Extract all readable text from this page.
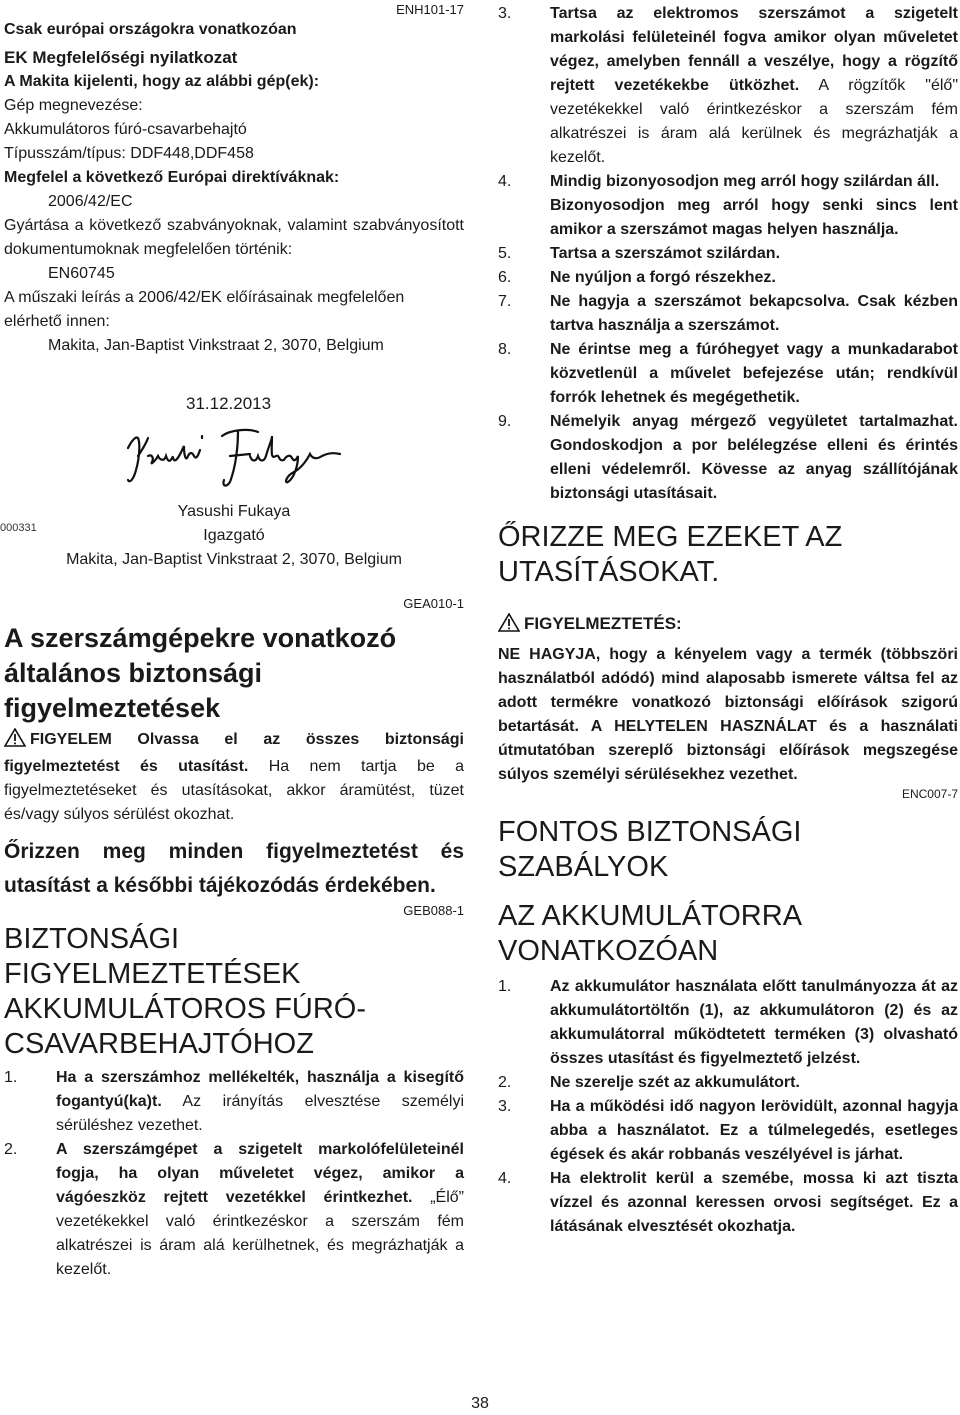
ENH101-17
Csak európai országokra vonatkozóan
EK Megfelelőségi nyilatkozat
A Makita kijelenti, hogy az alábbi gép(ek):
Gép megnevezése:
Akkumulátoros fúró-csavarbehajtó
Típusszám/típus: DDF448,DDF458
Megfelel a következő Európai direktíváknak:
2006/42/EC
Gyártása a következő szabványoknak, valamint szabványosított dokumentumoknak megfelelően történik:
EN60745
A műszaki leírás a 2006/42/EK előírásainak megfelelően elérhető innen:
Makita, Jan-Baptist Vinkstraat 2, 3070, Belgium
31.12.2013
Yasushi Fukaya
Igazgató
Makita, Jan-Baptist Vinkstraat 2, 3070, Belgium
GEA010-1
A szerszámgépekre vonatkozó általános biztonsági figyelmeztetések
FIGYELEM Olvassa el az összes biztonsági figyelmeztetést és utasítást. Ha nem tartja be a figyelmeztetéseket és utasításokat, akkor áramütést, tüzet és/vagy súlyos sérülést okozhat.
Őrizzen meg minden figyelmeztetést és utasítást a későbbi tájékozódás érdekében.
GEB088-1
BIZTONSÁGI FIGYELMEZTETÉSEK AKKUMULÁTOROS FÚRÓ-CSAVARBEHAJTÓHOZ
1.	Ha a szerszámhoz mellékelték, használja a kisegítő fogantyú(ka)t. Az irányítás elvesztése személyi sérüléshez vezethet.
2.	A szerszámgépet a szigetelt markolófelületeinél fogja, ha olyan műveletet végez, amikor a vágóeszköz rejtett vezetékkel érintkezhet. „Élő” vezetékekkel való érintkezéskor a szerszám fém alkatrészei is áram alá kerülhetnek, és megrázhatják a kezelőt.
000331
3.	Tartsa az elektromos szerszámot a szigetelt markolási felületeinél fogva amikor olyan műveletet végez, amelyben fennáll a veszélye, hogy a rögzítő rejtett vezetékekbe ütközhet. A rögzítők "élő" vezetékekkel való érintkezéskor a szerszám fém alkatrészei is áram alá kerülnek és megrázhatják a kezelőt.
4.	Mindig bizonyosodjon meg arról hogy szilárdan áll.
Bizonyosodjon meg arról hogy senki sincs lent amikor a szerszámot magas helyen használja.
5.	Tartsa a szerszámot szilárdan.
6.	Ne nyúljon a forgó részekhez.
7.	Ne hagyja a szerszámot bekapcsolva. Csak kézben tartva használja a szerszámot.
8.	Ne érintse meg a fúróhegyet vagy a munkadarabot közvetlenül a művelet befejezése után; rendkívül forrók lehetnek és megégethetik.
9.	Némelyik anyag mérgező vegyületet tartalmazhat. Gondoskodjon a por belélegzése elleni és érintés elleni védelemről. Kövesse az anyag szállítójának biztonsági utasításait.
ŐRIZZE MEG EZEKET AZ UTASÍTÁSOKAT.
FIGYELMEZTETÉS:
NE HAGYJA, hogy a kényelem vagy a termék (többszöri használatból adódó) mind alaposabb ismerete váltsa fel az adott termékre vonatkozó biztonsági előírások szigorú betartását. A HELYTELEN HASZNÁLAT és a használati útmutatóban szereplő biztonsági előírások megszegése súlyos személyi sérülésekhez vezethet.
ENC007-7
FONTOS BIZTONSÁGI SZABÁLYOK
AZ AKKUMULÁTORRA VONATKOZÓAN
1.	Az akkumulátor használata előtt tanulmányozza át az akkumulátortöltőn (1), az akkumulátoron (2) és az akkumulátorral működtetett terméken (3) olvasható összes utasítást és figyelmeztető jelzést.
2.	Ne szerelje szét az akkumulátort.
3.	Ha a működési idő nagyon lerövidült, azonnal hagyja abba a használatot. Ez a túlmelegedés, esetleges égések és akár robbanás veszélyével is járhat.
4.	Ha elektrolit kerül a szemébe, mossa ki azt tiszta vízzel és azonnal keressen orvosi segítséget. Ez a látásának elvesztését okozhatja.
38
